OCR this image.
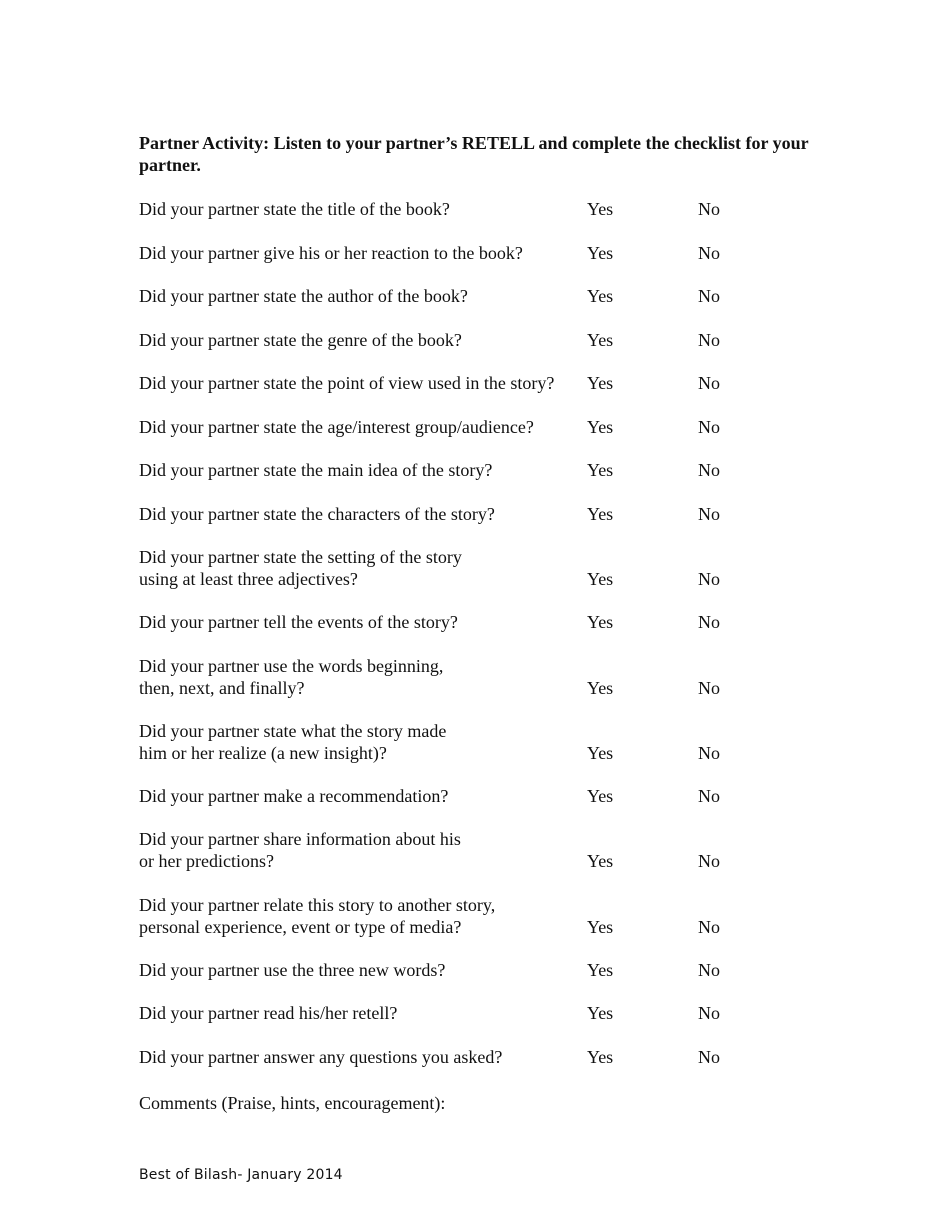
Partner Activity: Listen to your partner’s RETELL and complete the checklist for your partner.
Did your partner state the title of the book?	Yes	No
Did your partner give his or her reaction to the book?	Yes	No
Did your partner state the author of the book?	Yes	No
Did your partner state the genre of the book?	Yes	No
Did your partner state the point of view used in the story?	Yes	No
Did your partner state the age/interest group/audience?	Yes	No
Did your partner state the main idea of the story?	Yes	No
Did your partner state the characters of the story?	Yes	No
Did your partner state the setting of the story
using at least three adjectives?	Yes	No
Did your partner tell the events of the story?	Yes	No
Did your partner use the words beginning,
then, next, and finally?	Yes	No
Did your partner state what the story made
him or her realize (a new insight)?	Yes	No
Did your partner make a recommendation?	Yes	No
Did your partner share information about his
or her predictions?	Yes	No
Did your partner relate this story to another story,
personal experience, event or type of media?	Yes	No
Did your partner use the three new words?	Yes	No
Did your partner read his/her retell?	Yes	No
Did your partner answer any questions you asked?	Yes	No
Comments (Praise, hints, encouragement):
Best of Bilash- January 2014
